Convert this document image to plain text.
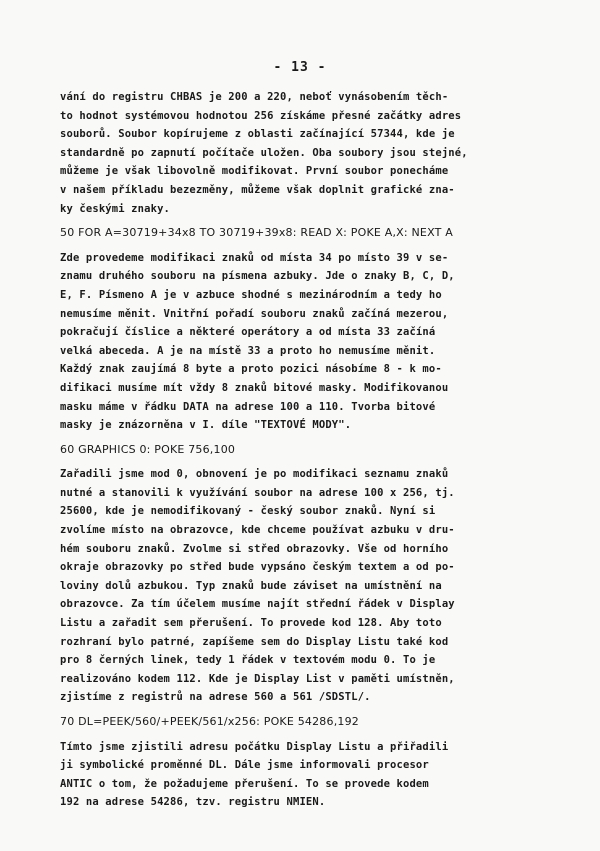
- 13 -
vání do registru CHBAS je 200 a 220, neboť vynásobením těch-
to hodnot systémovou hodnotou 256 získáme přesné začátky adres
souborů. Soubor kopírujeme z oblasti začínající 57344, kde je
standardně po zapnutí počítače uložen. Oba soubory jsou stejné,
můžeme je však libovolně modifikovat. První soubor ponecháme
v našem příkladu bezezměny, můžeme však doplnit grafické zna-
ky českými znaky.
50 FOR A=30719+34x8 TO 30719+39x8: READ X: POKE A,X: NEXT A
Zde provedeme modifikaci znaků od místa 34 po místo 39 v se-
znamu druhého souboru na písmena azbuky. Jde o znaky B, C, D,
E, F. Písmeno A je v azbuce shodné s mezinárodním a tedy ho
nemusíme měnit. Vnitřní pořadí souboru znaků začíná mezerou,
pokračují číslice a některé operátory a od místa 33 začíná
velká abeceda. A je na místě 33 a proto ho nemusíme měnit.
Každý znak zaujímá 8 byte a proto pozici násobíme 8 - k mo-
difikaci musíme mít vždy 8 znaků bitové masky. Modifikovanou
masku máme v řádku DATA na adrese 100 a 110. Tvorba bitové
masky je znázorněna v I. díle "TEXTOVÉ MODY".
60 GRAPHICS 0: POKE 756,100
Zařadili jsme mod 0, obnovení je po modifikaci seznamu znaků
nutné a stanovili k využívání soubor na adrese 100 x 256, tj.
25600, kde je nemodifikovaný - český soubor znaků. Nyní si
zvolíme místo na obrazovce, kde chceme používat azbuku v dru-
hém souboru znaků. Zvolme si střed obrazovky. Vše od horního
okraje obrazovky po střed bude vypsáno českým textem a od po-
loviny dolů azbukou. Typ znaků bude záviset na umístnění na
obrazovce. Za tím účelem musíme najít střední řádek v Display
Listu a zařadit sem přerušení. To provede kod 128. Aby toto
rozhraní bylo patrné, zapíšeme sem do Display Listu také kod
pro 8 černých linek, tedy 1 řádek v textovém modu 0. To je
realizováno kodem 112. Kde je Display List v paměti umístněn,
zjistíme z registrů na adrese 560 a 561 /SDSTL/.
70 DL=PEEK/560/+PEEK/561/x256: POKE 54286,192
Tímto jsme zjistili adresu počátku Display Listu a přiřadili
ji symbolické proměnné DL. Dále jsme informovali procesor
ANTIC o tom, že požadujeme přerušení. To se provede kodem
192 na adrese 54286, tzv. registru NMIEN.
